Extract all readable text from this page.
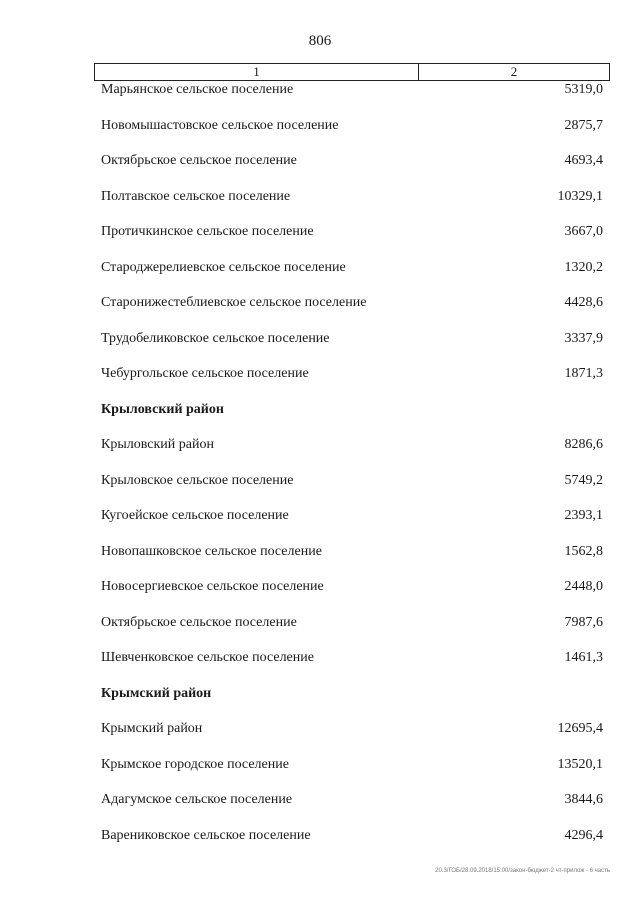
806
1	2
Марьянское сельское поселение	5319,0
Новомышастовское сельское поселение	2875,7
Октябрьское сельское поселение	4693,4
Полтавское сельское поселение	10329,1
Протичкинское сельское поселение	3667,0
Староджерелиевское сельское поселение	1320,2
Старонижестеблиевское сельское поселение	4428,6
Трудобеликовское сельское поселение	3337,9
Чебургольское сельское поселение	1871,3
Крыловский район
Крыловский район	8286,6
Крыловское сельское поселение	5749,2
Кугоейское сельское поселение	2393,1
Новопашковское сельское поселение	1562,8
Новосергиевское сельское поселение	2448,0
Октябрьское сельское поселение	7987,6
Шевченковское сельское поселение	1461,3
Крымский район
Крымский район	12695,4
Крымское городское поселение	13520,1
Адагумское сельское поселение	3844,6
Варениковское сельское поселение	4296,4
20.3/ГОБ/28.09.2018/15:00/закон-бюджет-2 чт-прилож - 6 часть
